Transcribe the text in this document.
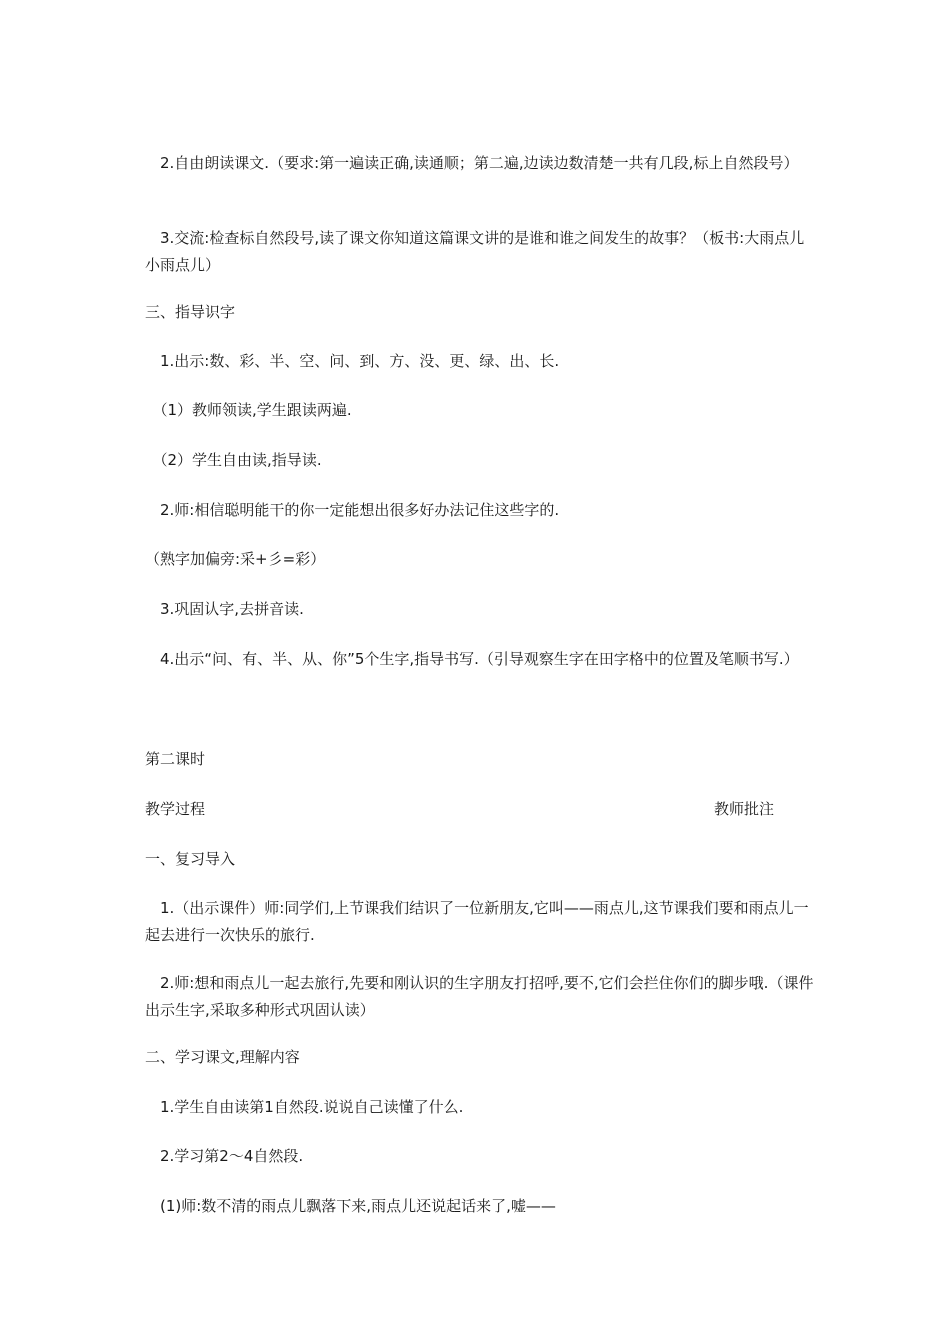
　2.自由朗读课文.（要求:第一遍读正确,读通顺；第二遍,边读边数清楚一共有几段,标上自然段号）

　3.交流:检查标自然段号,读了课文你知道这篇课文讲的是谁和谁之间发生的故事？（板书:大雨点儿小雨点儿）

三、指导识字

　1.出示:数、彩、半、空、问、到、方、没、更、绿、出、长.

　（1）教师领读,学生跟读两遍.

　（2）学生自由读,指导读.

　2.师:相信聪明能干的你一定能想出很多好办法记住这些字的.

（熟字加偏旁:采+彡=彩）

　3.巩固认字,去拼音读.

　4.出示“问、有、半、从、你”5个生字,指导书写.（引导观察生字在田字格中的位置及笔顺书写.）

第二课时

教学过程	教师批注

一、复习导入

　1.（出示课件）师:同学们,上节课我们结识了一位新朋友,它叫——雨点儿,这节课我们要和雨点儿一起去进行一次快乐的旅行.

　2.师:想和雨点儿一起去旅行,先要和刚认识的生字朋友打招呼,要不,它们会拦住你们的脚步哦.（课件出示生字,采取多种形式巩固认读）

二、学习课文,理解内容

　1.学生自由读第1自然段.说说自己读懂了什么.

　2.学习第2～4自然段.

　(1)师:数不清的雨点儿飘落下来,雨点儿还说起话来了,嘘——
